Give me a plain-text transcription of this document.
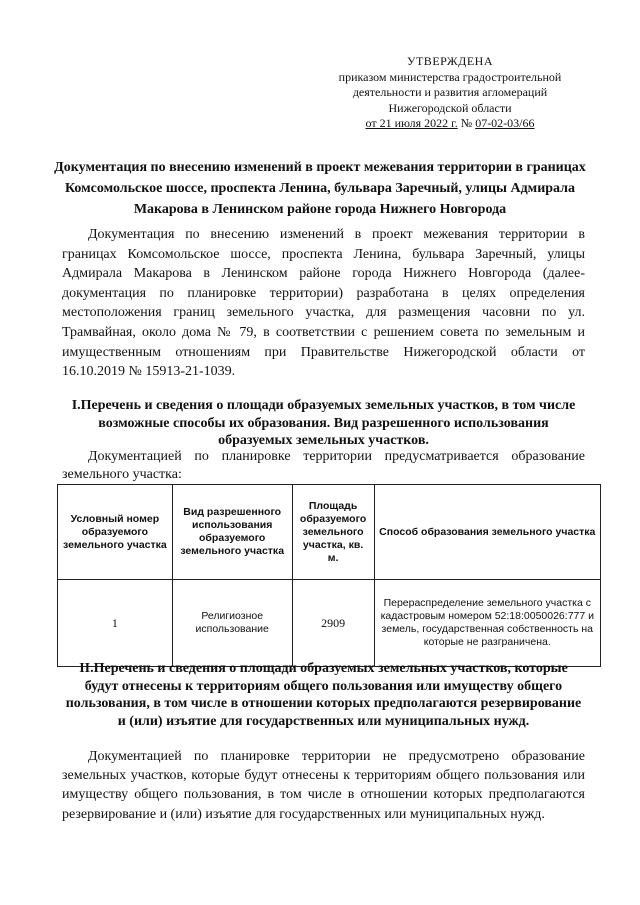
УТВЕРЖДЕНА
приказом министерства градостроительной
деятельности и развития агломераций
Нижегородской области
от 21 июля 2022 г. № 07-02-03/66
Документация по внесению изменений в проект межевания территории в границах Комсомольское шоссе, проспекта Ленина, бульвара Заречный, улицы Адмирала Макарова в Ленинском районе города Нижнего Новгорода
Документация по внесению изменений в проект межевания территории в границах Комсомольское шоссе, проспекта Ленина, бульвара Заречный, улицы Адмирала Макарова в Ленинском районе города Нижнего Новгорода (далее-документация по планировке территории) разработана в целях определения местоположения границ земельного участка, для размещения часовни по ул. Трамвайная, около дома № 79, в соответствии с решением совета по земельным и имущественным отношениям при Правительстве Нижегородской области от 16.10.2019 № 15913-21-1039.
I.Перечень и сведения о площади образуемых земельных участков, в том числе возможные способы их образования. Вид разрешенного использования образуемых земельных участков.
Документацией по планировке территории предусматривается образование земельного участка:
Условный номер образуемого земельного участка	Вид разрешенного использования образуемого земельного участка	Площадь образуемого земельного участка, кв. м.	Способ образования земельного участка
1	Религиозное использование	2909	Перераспределение земельного участка с кадастровым номером 52:18:0050026:777 и земель, государственная собственность на которые не разграничена.
II.Перечень и сведения о площади образуемых земельных участков, которые будут отнесены к территориям общего пользования или имуществу общего пользования, в том числе в отношении которых предполагаются резервирование и (или) изъятие для государственных или муниципальных нужд.
Документацией по планировке территории не предусмотрено образование земельных участков, которые будут отнесены к территориям общего пользования или имуществу общего пользования, в том числе в отношении которых предполагаются резервирование и (или) изъятие для государственных или муниципальных нужд.
